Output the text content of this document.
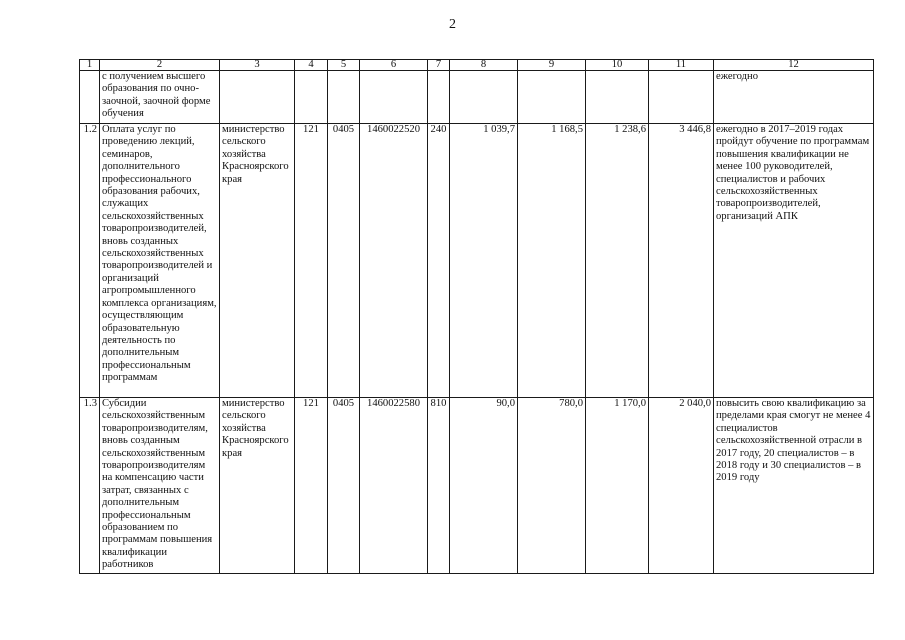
2
1	2	3	4	5	6	7	8	9	10	11	12
	с получением высшего образования по очно-заочной, заочной форме обучения										ежегодно
1.2	Оплата услуг по проведению лекций, семинаров, дополнительного профессионального образования рабочих, служащих сельскохозяйственных товаропроизводителей, вновь созданных сельскохозяйственных товаропроизводителей и организаций агропромышленного комплекса организациям, осуществляющим образовательную деятельность по дополнительным профессиональным программам	министерство сельского хозяйства Красноярского края	121	0405	1460022520	240	1 039,7	1 168,5	1 238,6	3 446,8	ежегодно в 2017–2019 годах пройдут обучение по программам повышения квалификации не менее 100 руководителей, специалистов и рабочих сельскохозяйственных товаропроизводителей, организаций АПК
1.3	Субсидии сельскохозяйственным товаропроизводителям, вновь созданным сельскохозяйственным товаропроизводителям на компенсацию части затрат, связанных с дополнительным профессиональным образованием по программам повышения квалификации работников	министерство сельского хозяйства Красноярского края	121	0405	1460022580	810	90,0	780,0	1 170,0	2 040,0	повысить свою квалификацию за пределами края смогут не менее 4 специалистов сельскохозяйственной отрасли в 2017 году, 20 специалистов – в 2018 году и 30 специалистов – в 2019 году
